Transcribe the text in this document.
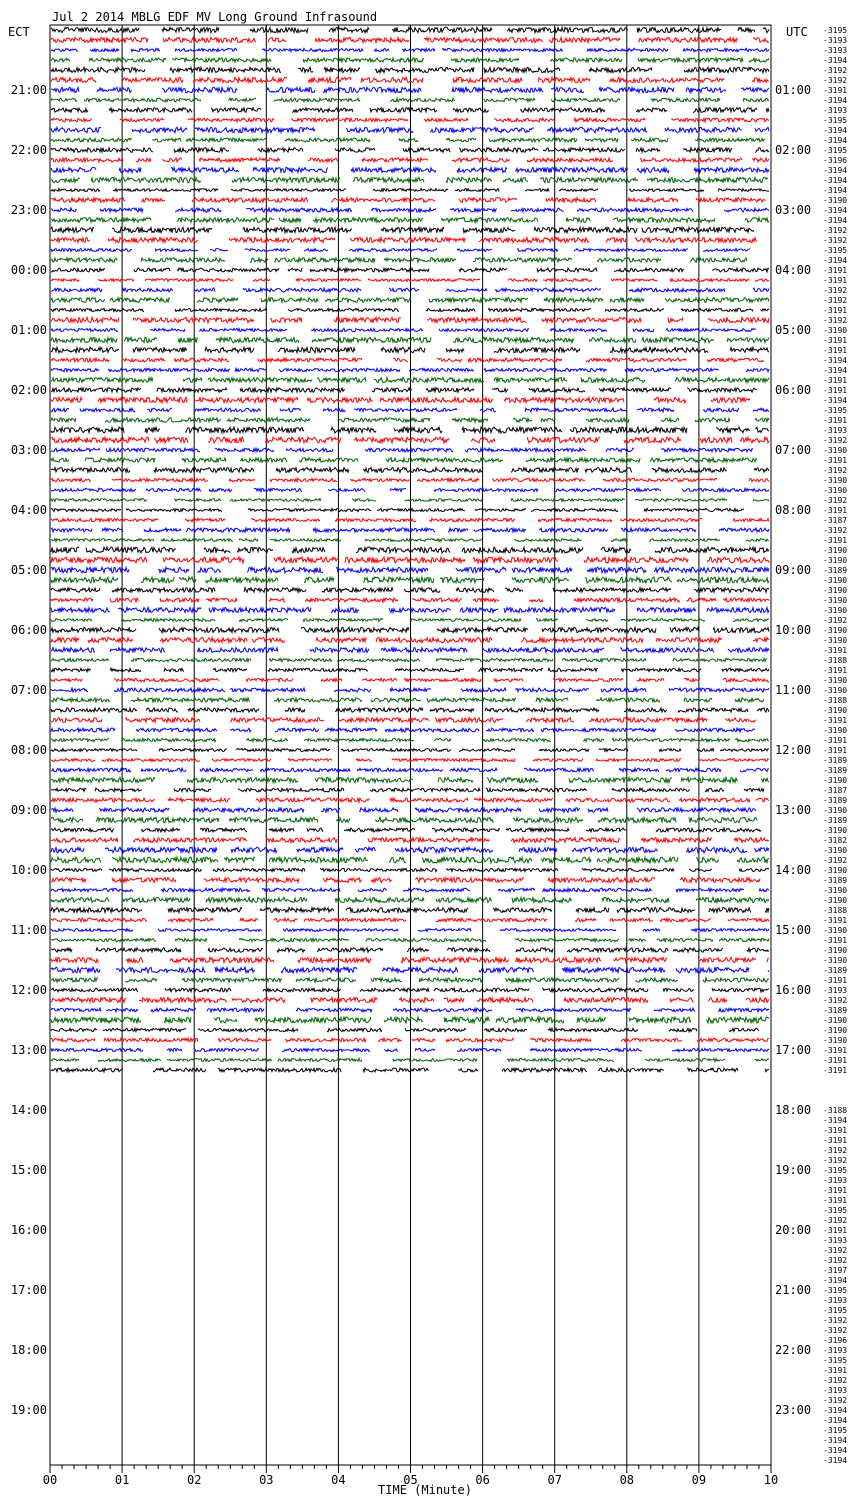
Jul 2 2014 MBLG EDF MV Long Ground Infrasound
ECT	UTC
21:00
22:00
23:00
00:00
01:00
02:00
03:00
04:00
05:00
06:00
07:00
08:00
09:00
10:00
11:00
12:00
13:00
14:00
15:00
16:00
17:00
18:00
19:00
01:00
02:00
03:00
04:00
05:00
06:00
07:00
08:00
09:00
10:00
11:00
12:00
13:00
14:00
15:00
16:00
17:00
18:00
19:00
20:00
21:00
22:00
23:00
-3195
-3193
-3193
-3194
-3192
-3192
-3191
-3194
-3193
-3195
-3194
-3194
-3195
-3196
-3194
-3194
-3194
-3190
-3194
-3194
-3192
-3192
-3195
-3194
-3191
-3191
-3192
-3192
-3191
-3192
-3190
-3191
-3191
-3194
-3194
-3191
-3191
-3194
-3195
-3191
-3193
-3192
-3190
-3191
-3192
-3190
-3190
-3192
-3191
-3187
-3192
-3191
-3190
-3190
-3189
-3190
-3190
-3190
-3190
-3192
-3190
-3190
-3191
-3188
-3191
-3190
-3190
-3188
-3190
-3191
-3190
-3191
-3191
-3189
-3189
-3190
-3187
-3189
-3190
-3189
-3190
-3182
-3190
-3192
-3190
-3189
-3190
-3190
-3188
-3191
-3190
-3191
-3190
-3190
-3189
-3191
-3193
-3192
-3189
-3190
-3190
-3190
-3191
-3191
-3191
-3188
-3194
-3191
-3191
-3192
-3192
-3195
-3193
-3191
-3191
-3195
-3192
-3191
-3193
-3192
-3192
-3197
-3194
-3195
-3193
-3195
-3192
-3192
-3196
-3193
-3195
-3191
-3192
-3193
-3192
-3194
-3194
-3195
-3194
-3194
-3194
00	01	02	03	04	05	06	07	08	09	10
TIME (Minute)
